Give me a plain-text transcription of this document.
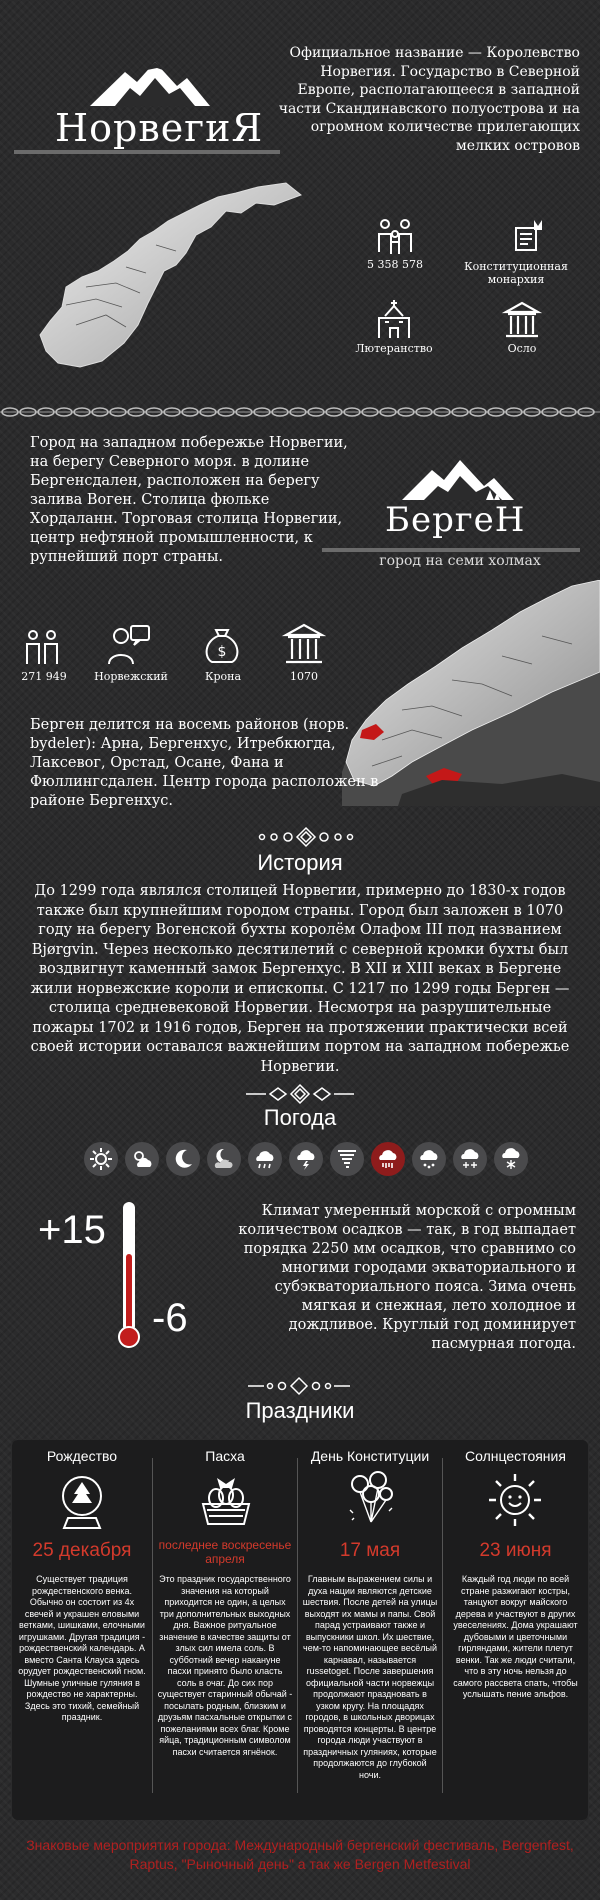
НорвегиЯ
Официальное название — Королевство Норвегия. Государство в Северной Европе, располагающееся в западной части Скандинавского полуострова и на огромном количестве прилегающих мелких островов
5 358 578	Конституционная монархия
Лютеранство	Осло
Город на западном побережье Норвегии, на берегу Северного моря. в долине Бергенсдален, расположен на берегу залива Воген. Столица фюльке Хордаланн. Торговая столица Норвегии, центр нефтяной промышленности, к рупнейший порт страны.
БергеН
город на семи холмах
271 949	Норвежский
$
Крона	1070
Берген делится на восемь районов (норв. bydeler): Арна, Бергенхус, Итребкюгда, Лаксевог, Орстад, Осане, Фана и Фюллингсдален. Центр города расположен в районе Бергенхус.
История
До 1299 года являлся столицей Норвегии, примерно до 1830-х годов также был крупнейшим городом страны. Город был заложен в 1070 году на берегу Вогенской бухты королём Олафом III под названием Bjørgvin. Через несколько десятилетий с северной кромки бухты был воздвигнут каменный замок Бергенхус. В XII и XIII веках в Бергене жили норвежские короли и епископы. С 1217 по 1299 годы Берген — столица средневековой Норвегии. Несмотря на разрушительные пожары 1702 и 1916 годов, Берген на протяжении практически всей своей истории оставался важнейшим портом на западном побережье Норвегии.
Погода
+15
-6
Климат умеренный морской с огромным количеством осадков — так, в год выпадает порядка 2250 мм осадков, что сравнимо со многими городами экваториального и субэкваториального пояса. Зима очень мягкая и снежная, лето холодное и дождливое. Круглый год доминирует пасмурная погода.
Праздники
Рождество
25 декабря
Существует традиция рождественского венка. Обычно он состоит из 4х свечей и украшен еловыми ветками, шишками, елочными игрушками. Другая традиция - рождественский календарь. А вместо Санта Клауса здесь орудует рождественский гном. Шумные уличные гуляния в рождество не характерны. Здесь это тихий, семейный праздник.
Пасха
последнее воскресенье апреля
Это праздник государственного значения на который приходится не один, а целых три дополнительных выходных дня. Важное ритуальное значение в качестве защиты от злых сил имела соль. В субботний вечер накануне пасхи принято было класть соль в очаг. До сих пор существует старинный обычай - посылать родным, близким и друзьям пасхальные открытки с пожеланиями всех благ. Кроме яйца, традиционным символом пасхи считается ягнёнок.
День Конституции
17 мая
Главным выражением силы и духа нации являются детские шествия. После детей на улицы выходят их мамы и папы. Свой парад устраивают также и выпускники школ. Их шествие, чем-то напоминающее весёлый карнавал, называется russetoget. После завершения официальной части норвежцы продолжают праздновать в узком кругу. На площадях городов, в школьных дворицах проводятся концерты. В центре города люди участвуют в праздничных гуляниях, которые продолжаются до глубокой ночи.
Солнцестояния
23 июня
Каждый год люди по всей стране разжигают костры, танцуют вокруг майского дерева и участвуют в других увеселениях. Дома украшают дубовыми и цветочными гирляндами, жители плетут венки. Так же люди считали, что в эту ночь нельзя до самого рассвета спать, чтобы услышать пение эльфов.
Знаковые мероприятия города: Международный бергенский фестиваль, Bergenfest, Raptus, "Рыночный день" а так же Bergen Metfestival
